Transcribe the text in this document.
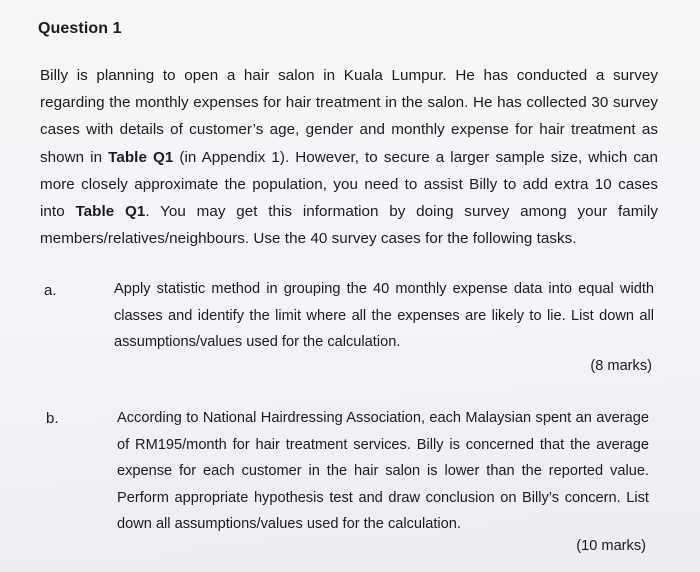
Question 1
Billy is planning to open a hair salon in Kuala Lumpur. He has conducted a survey regarding the monthly expenses for hair treatment in the salon. He has collected 30 survey cases with details of customer’s age, gender and monthly expense for hair treatment as shown in Table Q1 (in Appendix 1). However, to secure a larger sample size, which can more closely approximate the population, you need to assist Billy to add extra 10 cases into Table Q1. You may get this information by doing survey among your family members/relatives/neighbours. Use the 40 survey cases for the following tasks.
a.	Apply statistic method in grouping the 40 monthly expense data into equal width classes and identify the limit where all the expenses are likely to lie. List down all assumptions/values used for the calculation.
(8 marks)
b.	According to National Hairdressing Association, each Malaysian spent an average of RM195/month for hair treatment services. Billy is concerned that the average expense for each customer in the hair salon is lower than the reported value. Perform appropriate hypothesis test and draw conclusion on Billy’s concern. List down all assumptions/values used for the calculation.
(10 marks)
